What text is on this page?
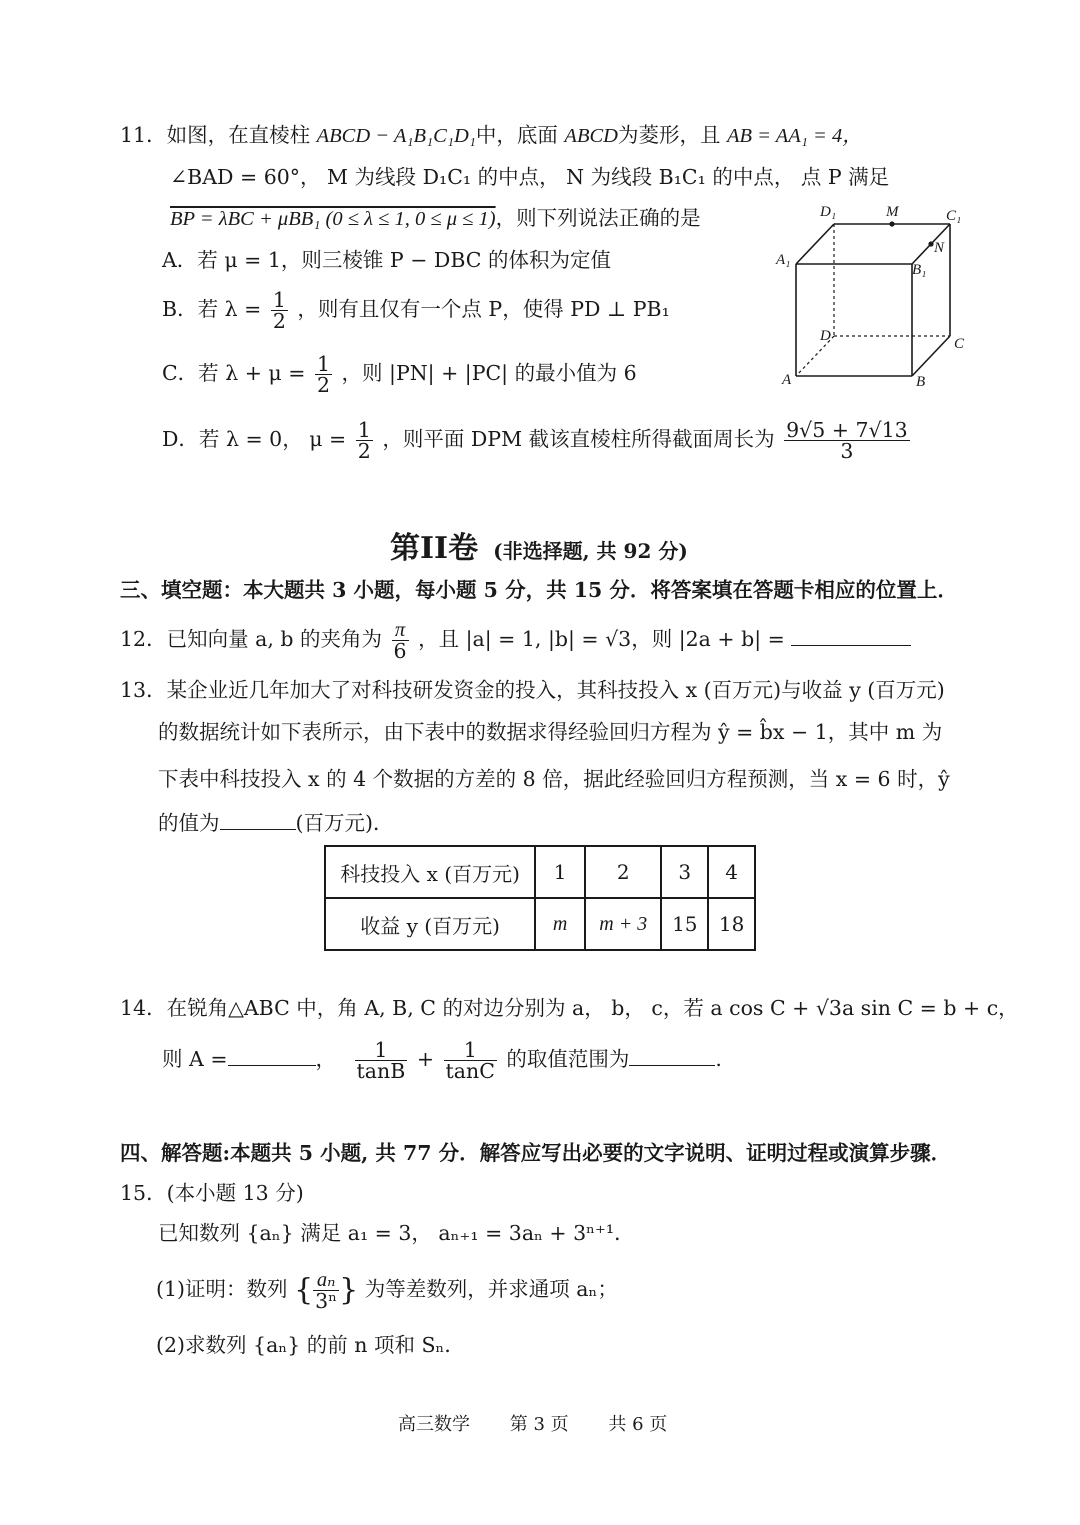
11．如图，在直棱柱 ABCD − A₁B₁C₁D₁中，底面 ABCD为菱形，且 AB = AA₁ = 4，
∠BAD = 60°， M 为线段 D₁C₁ 的中点， N 为线段 B₁C₁ 的中点， 点 P 满足
BP = λBC + μBB₁ (0 ≤ λ ≤ 1, 0 ≤ μ ≤ 1)，则下列说法正确的是
A．若 μ = 1，则三棱锥 P − DBC 的体积为定值
B．若 $\lambda = \frac{1}{2}$ ，则有且仅有一个点 P，使得 PD ⊥ PB₁
C．若 $\lambda + \mu = \frac{1}{2}$ ，则 |PN| + |PC| 的最小值为 6
D．若 λ = 0， $\mu = \frac{1}{2}$ ，则平面 DPM 截该直棱柱所得截面周长为 $\frac{9√5 + 7√13}{3}$
D₁	M	C₁
N
A₁
B₁
D	C
A	B
第II卷 (非选择题, 共 92 分)
三、填空题：本大题共 3 小题，每小题 5 分，共 15 分．将答案填在答题卡相应的位置上．
12．已知向量 a, b 的夹角为 $\frac{\pi}{6}$ ，且 |a| = 1, |b| = √3，则 |2a + b| =
13．某企业近几年加大了对科技研发资金的投入，其科技投入 x (百万元)与收益 y (百万元)
的数据统计如下表所示，由下表中的数据求得经验回归方程为 ŷ = b̂x − 1，其中 m 为
下表中科技投入 x 的 4 个数据的方差的 8 倍，据此经验回归方程预测，当 x = 6 时，ŷ
的值为	(百万元)．
科技投入 x (百万元)	1	2	3	4
收益 y (百万元)	m	m + 3	15	18
14．在锐角△ABC 中，角 A, B, C 的对边分别为 a， b， c，若 a cos C + √3a sin C = b + c，
则 A =	， $\frac{1}{\tan B} + \frac{1}{\tan C}$ 的取值范围为	.
四、解答题:本题共 5 小题, 共 77 分．解答应写出必要的文字说明、证明过程或演算步骤．
15．(本小题 13 分)
已知数列 {aₙ} 满足 a₁ = 3， aₙ₊₁ = 3aₙ + 3ⁿ⁺¹．
(1)证明：数列 { $\frac{\text{aₙ}}{\text{3ⁿ}}$ } 为等差数列，并求通项 aₙ；
(2)求数列 {aₙ} 的前 n 项和 Sₙ．
高三数学 第 3 页 共 6 页
